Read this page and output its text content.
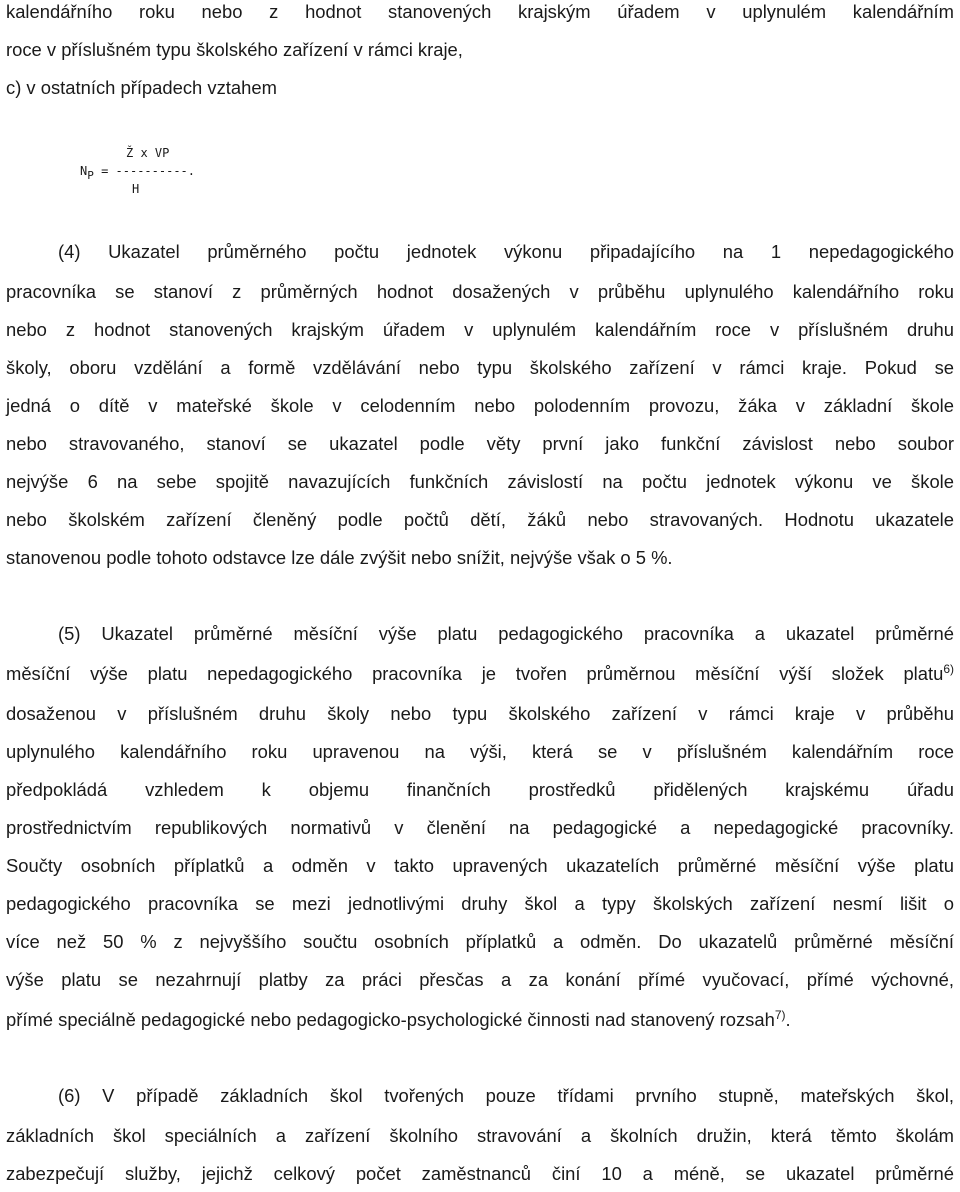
kalendářního roku nebo z hodnot stanovených krajským úřadem v uplynulém kalendářním
roce v příslušném typu školského zařízení v rámci kraje,
c) v ostatních případech vztahem
Ž x VP
NP = ----------.
H
(4) Ukazatel průměrného počtu jednotek výkonu připadajícího na 1 nepedagogického
pracovníka se stanoví z průměrných hodnot dosažených v průběhu uplynulého kalendářního roku
nebo z hodnot stanovených krajským úřadem v uplynulém kalendářním roce v příslušném druhu
školy, oboru vzdělání a formě vzdělávání nebo typu školského zařízení v rámci kraje. Pokud se
jedná o dítě v mateřské škole v celodenním nebo polodenním provozu, žáka v základní škole
nebo stravovaného, stanoví se ukazatel podle věty první jako funkční závislost nebo soubor
nejvýše 6 na sebe spojitě navazujících funkčních závislostí na počtu jednotek výkonu ve škole
nebo školském zařízení členěný podle počtů dětí, žáků nebo stravovaných. Hodnotu ukazatele
stanovenou podle tohoto odstavce lze dále zvýšit nebo snížit, nejvýše však o 5 %.
(5) Ukazatel průměrné měsíční výše platu pedagogického pracovníka a ukazatel průměrné
měsíční výše platu nepedagogického pracovníka je tvořen průměrnou měsíční výší složek platu$^{6)}$
dosaženou v příslušném druhu školy nebo typu školského zařízení v rámci kraje v průběhu
uplynulého kalendářního roku upravenou na výši, která se v příslušném kalendářním roce
předpokládá vzhledem k objemu finančních prostředků přidělených krajskému úřadu
prostřednictvím republikových normativů v členění na pedagogické a nepedagogické pracovníky.
Součty osobních příplatků a odměn v takto upravených ukazatelích průměrné měsíční výše platu
pedagogického pracovníka se mezi jednotlivými druhy škol a typy školských zařízení nesmí lišit o
více než 50 % z nejvyššího součtu osobních příplatků a odměn. Do ukazatelů průměrné měsíční
výše platu se nezahrnují platby za práci přesčas a za konání přímé vyučovací, přímé výchovné,
přímé speciálně pedagogické nebo pedagogicko-psychologické činnosti nad stanovený rozsah$^{7)}$.
(6) V případě základních škol tvořených pouze třídami prvního stupně, mateřských škol,
základních škol speciálních a zařízení školního stravování a školních družin, která těmto školám
zabezpečují služby, jejichž celkový počet zaměstnanců činí 10 a méně, se ukazatel průměrné
